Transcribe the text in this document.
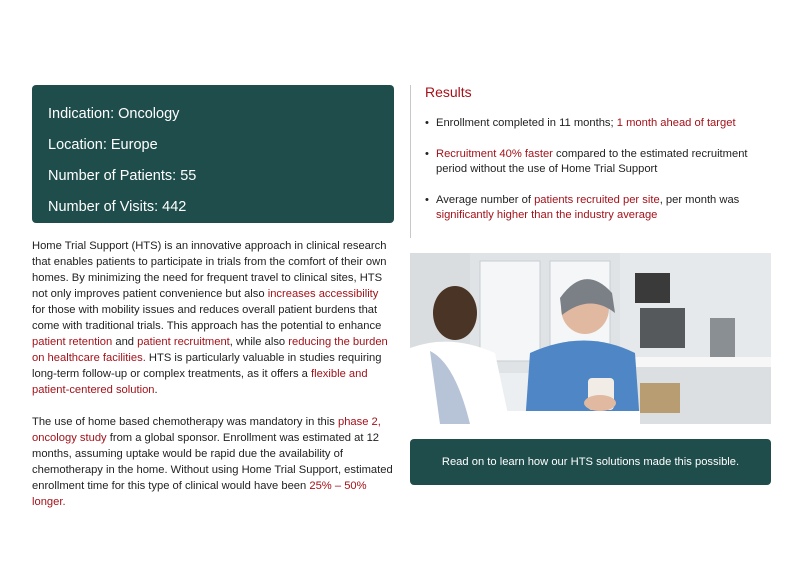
Indication: Oncology
Location: Europe
Number of Patients: 55
Number of Visits: 442

Home Trial Support (HTS) is an innovative approach in clinical research that enables patients to participate in trials from the comfort of their own homes. By minimizing the need for frequent travel to clinical sites, HTS not only improves patient convenience but also increases accessibility for those with mobility issues and reduces overall patient burdens that come with traditional trials. This approach has the potential to enhance patient retention and patient recruitment, while also reducing the burden on healthcare facilities. HTS is particularly valuable in studies requiring long-term follow-up or complex treatments, as it offers a flexible and patient-centered solution.

The use of home based chemotherapy was mandatory in this phase 2, oncology study from a global sponsor. Enrollment was estimated at 12 months, assuming uptake would be rapid due the availability of chemotherapy in the home. Without using Home Trial Support, estimated enrollment time for this type of clinical would have been 25% – 50% longer.

Results
• Enrollment completed in 11 months; 1 month ahead of target
• Recruitment 40% faster compared to the estimated recruitment period without the use of Home Trial Support
• Average number of patients recruited per site, per month was significantly higher than the industry average
Read on to learn how our HTS solutions made this possible.
